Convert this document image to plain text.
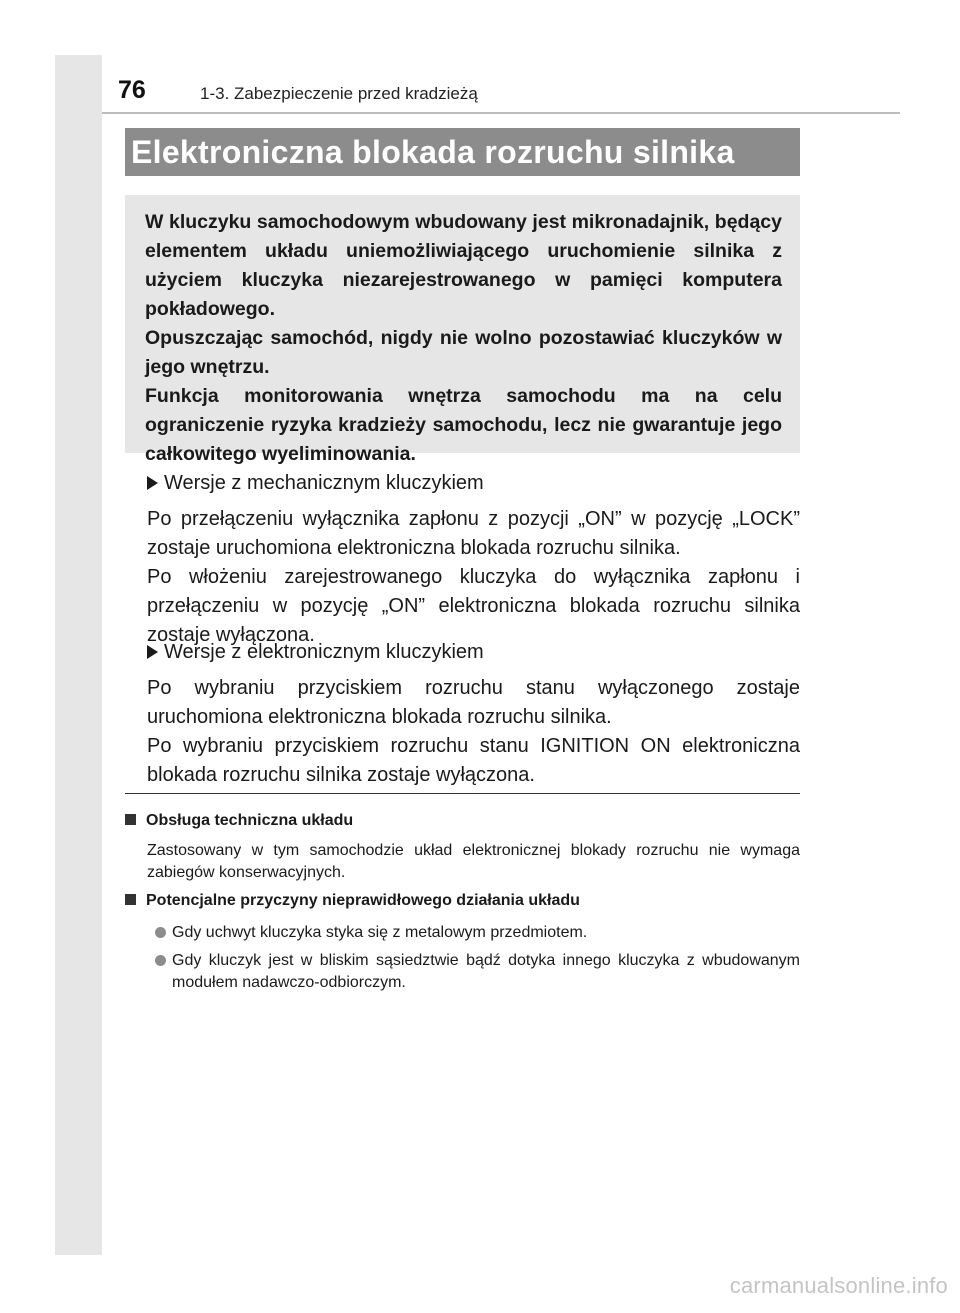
76	1-3. Zabezpieczenie przed kradzieżą
Elektroniczna blokada rozruchu silnika

W kluczyku samochodowym wbudowany jest mikronadajnik, będący elementem układu uniemożliwiającego uruchomienie silnika z użyciem kluczyka niezarejestrowanego w pamięci komputera pokładowego.

Opuszczając samochód, nigdy nie wolno pozostawiać kluczyków w jego wnętrzu.

Funkcja monitorowania wnętrza samochodu ma na celu ograniczenie ryzyka kradzieży samochodu, lecz nie gwarantuje jego całkowitego wyeliminowania.

Wersje z mechanicznym kluczykiem

Po przełączeniu wyłącznika zapłonu z pozycji „ON” w pozycję „LOCK” zostaje uruchomiona elektroniczna blokada rozruchu silnika.

Po włożeniu zarejestrowanego kluczyka do wyłącznika zapłonu i przełączeniu w pozycję „ON” elektroniczna blokada rozruchu silnika zostaje wyłączona.

Wersje z elektronicznym kluczykiem

Po wybraniu przyciskiem rozruchu stanu wyłączonego zostaje uruchomiona elektroniczna blokada rozruchu silnika.

Po wybraniu przyciskiem rozruchu stanu IGNITION ON elektroniczna blokada rozruchu silnika zostaje wyłączona.

Obsługa techniczna układu

Zastosowany w tym samochodzie układ elektronicznej blokady rozruchu nie wymaga zabiegów konserwacyjnych.

Potencjalne przyczyny nieprawidłowego działania układu
Gdy uchwyt kluczyka styka się z metalowym przedmiotem.
Gdy kluczyk jest w bliskim sąsiedztwie bądź dotyka innego kluczyka z wbudowanym modułem nadawczo-odbiorczym.
carmanualsonline.info
